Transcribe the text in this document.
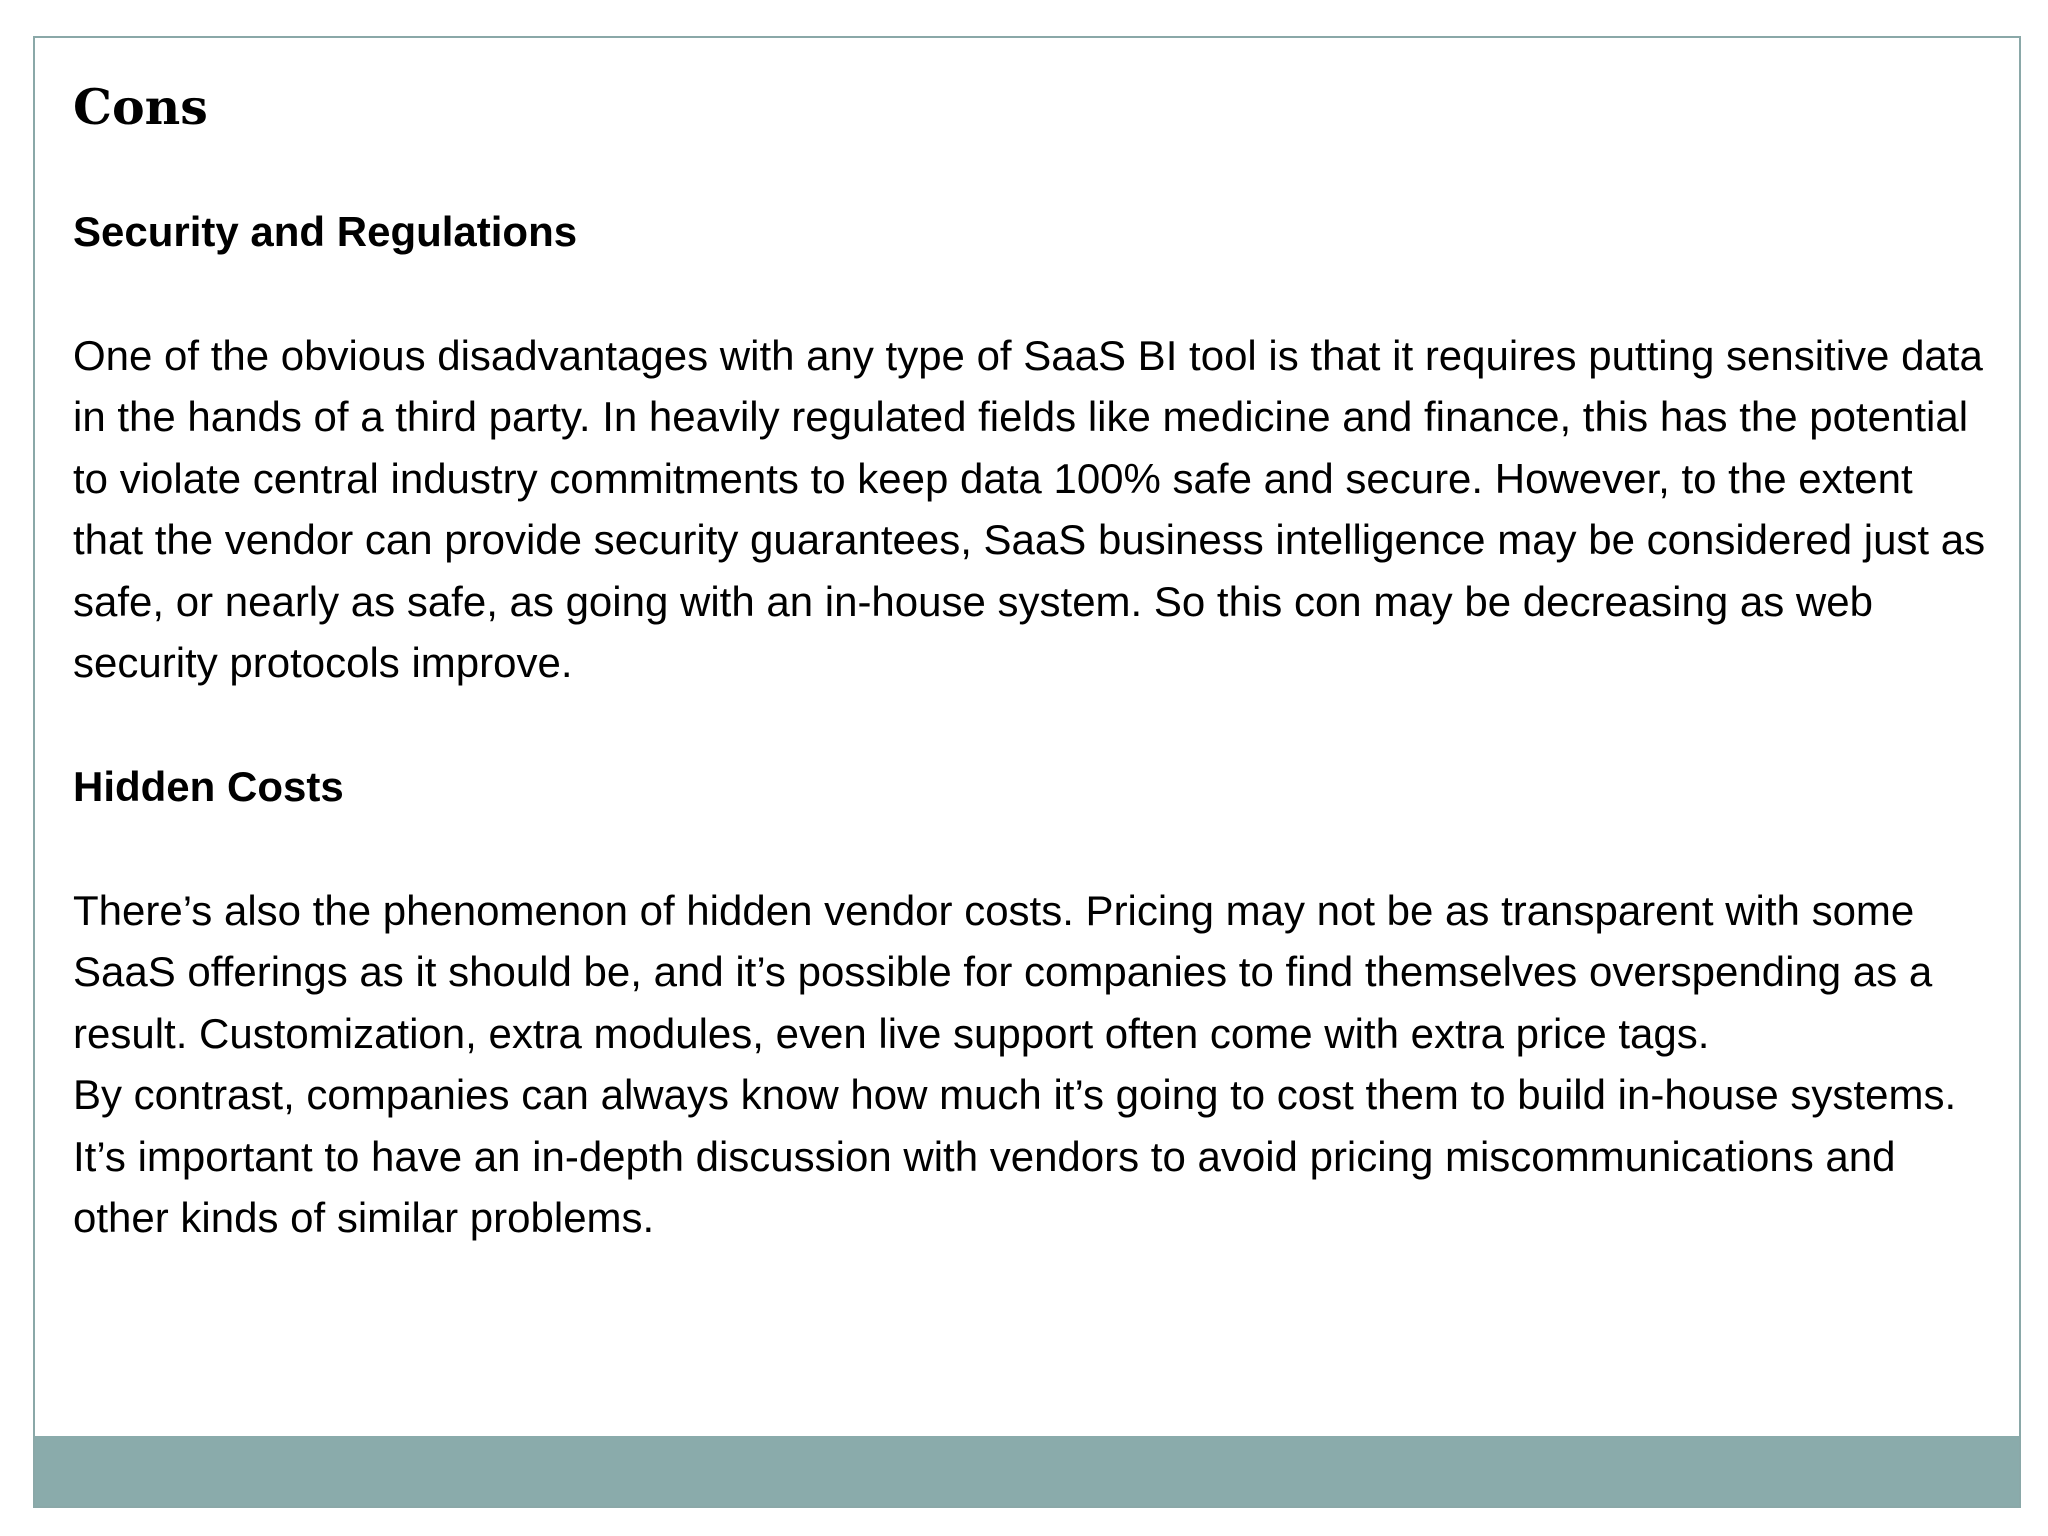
Cons
Security and Regulations

One of the obvious disadvantages with any type of SaaS BI tool is that it requires putting sensitive data in the hands of a third party. In heavily regulated fields like medicine and finance, this has the potential to violate central industry commitments to keep data 100% safe and secure. However, to the extent that the vendor can provide security guarantees, SaaS business intelligence may be considered just as safe, or nearly as safe, as going with an in-house system. So this con may be decreasing as web security protocols improve.

Hidden Costs

There’s also the phenomenon of hidden vendor costs. Pricing may not be as transparent with some SaaS offerings as it should be, and it’s possible for companies to find themselves overspending as a result. Customization, extra modules, even live support often come with extra price tags.

By contrast, companies can always know how much it’s going to cost them to build in-house systems. It’s important to have an in-depth discussion with vendors to avoid pricing miscommunications and other kinds of similar problems.
